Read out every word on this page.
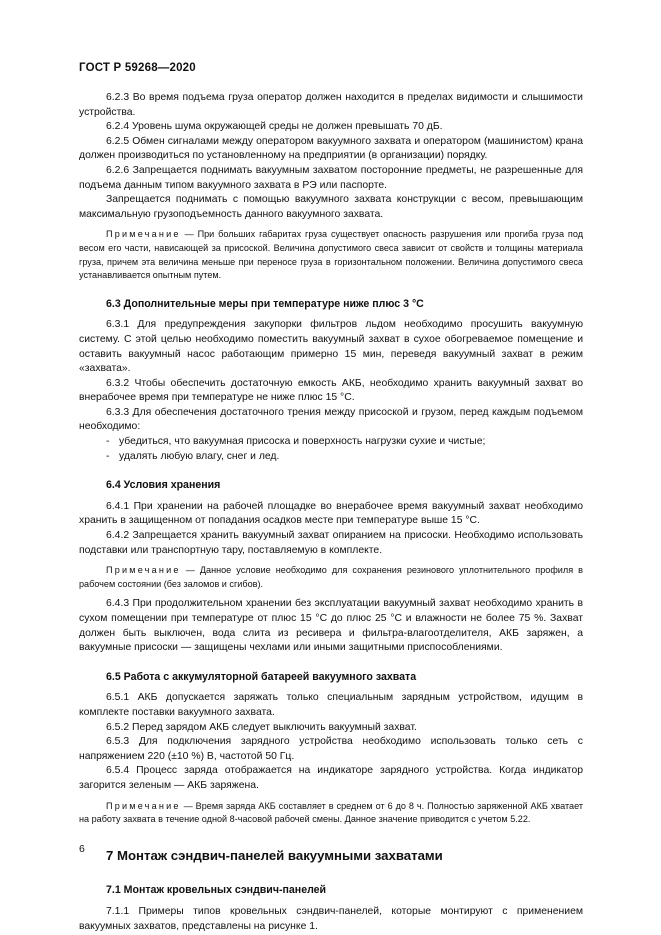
ГОСТ Р 59268—2020

6.2.3 Во время подъема груза оператор должен находится в пределах видимости и слышимости устройства.

6.2.4 Уровень шума окружающей среды не должен превышать 70 дБ.

6.2.5 Обмен сигналами между оператором вакуумного захвата и оператором (машинистом) крана должен производиться по установленному на предприятии (в организации) порядку.

6.2.6 Запрещается поднимать вакуумным захватом посторонние предметы, не разрешенные для подъема данным типом вакуумного захвата в РЭ или паспорте.

Запрещается поднимать с помощью вакуумного захвата конструкции с весом, превышающим максимальную грузоподъемность данного вакуумного захвата.

Примечание — При больших габаритах груза существует опасность разрушения или прогиба груза под весом его части, нависающей за присоской. Величина допустимого свеса зависит от свойств и толщины материала груза, причем эта величина меньше при переносе груза в горизонтальном положении. Величина допустимого свеса устанавливается опытным путем.

6.3 Дополнительные меры при температуре ниже плюс 3 °C

6.3.1 Для предупреждения закупорки фильтров льдом необходимо просушить вакуумную систему. С этой целью необходимо поместить вакуумный захват в сухое обогреваемое помещение и оставить вакуумный насос работающим примерно 15 мин, переведя вакуумный захват в режим «захвата».

6.3.2 Чтобы обеспечить достаточную емкость АКБ, необходимо хранить вакуумный захват во внерабочее время при температуре не ниже плюс 15 °C.

6.3.3 Для обеспечения достаточного трения между присоской и грузом, перед каждым подъемом необходимо:

- убедиться, что вакуумная присоска и поверхность нагрузки сухие и чистые;
- удалять любую влагу, снег и лед.
6.4 Условия хранения

6.4.1 При хранении на рабочей площадке во внерабочее время вакуумный захват необходимо хранить в защищенном от попадания осадков месте при температуре выше 15 °C.

6.4.2 Запрещается хранить вакуумный захват опиранием на присоски. Необходимо использовать подставки или транспортную тару, поставляемую в комплекте.

Примечание — Данное условие необходимо для сохранения резинового уплотнительного профиля в рабочем состоянии (без заломов и сгибов).

6.4.3 При продолжительном хранении без эксплуатации вакуумный захват необходимо хранить в сухом помещении при температуре от плюс 15 °C до плюс 25 °C и влажности не более 75 %. Захват должен быть выключен, вода слита из ресивера и фильтра-влагоотделителя, АКБ заряжен, а вакуумные присоски — защищены чехлами или иными защитными приспособлениями.

6.5 Работа с аккумуляторной батареей вакуумного захвата

6.5.1 АКБ допускается заряжать только специальным зарядным устройством, идущим в комплекте поставки вакуумного захвата.

6.5.2 Перед зарядом АКБ следует выключить вакуумный захват.

6.5.3 Для подключения зарядного устройства необходимо использовать только сеть с напряжением 220 (±10 %) В, частотой 50 Гц.

6.5.4 Процесс заряда отображается на индикаторе зарядного устройства. Когда индикатор загорится зеленым — АКБ заряжена.

Примечание — Время заряда АКБ составляет в среднем от 6 до 8 ч. Полностью заряженной АКБ хватает на работу захвата в течение одной 8-часовой рабочей смены. Данное значение приводится с учетом 5.22.

7 Монтаж сэндвич-панелей вакуумными захватами
7.1 Монтаж кровельных сэндвич-панелей

7.1.1 Примеры типов кровельных сэндвич-панелей, которые монтируют с применением вакуумных захватов, представлены на рисунке 1.

6
